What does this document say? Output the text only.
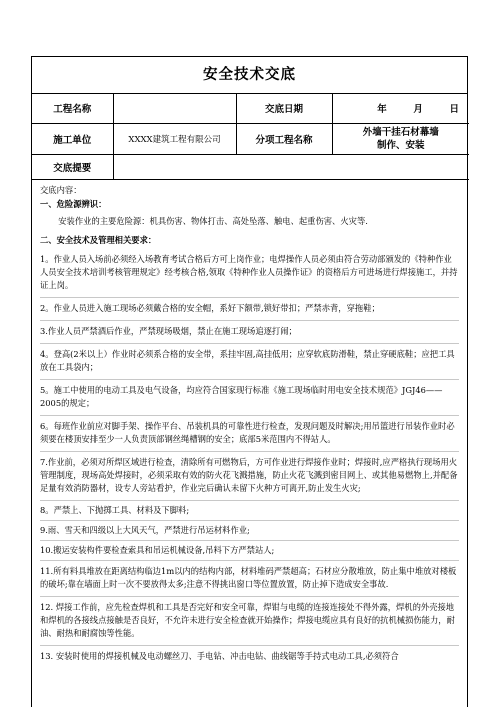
安全技术交底
工程名称		交底日期	年 月 日
施工单位	XXXX建筑工程有限公司	分项工程名称	外墙干挂石材幕墙
制作、安装

交底提要			

交底内容：

一、危险源辨识：

安装作业的主要危险源：机具伤害、物体打击、高处坠落、触电、起重伤害、火灾等.

二、安全技术及管理相关要求：

1。作业人员入场前必须经入场教育考试合格后方可上岗作业；电焊操作人员必须由符合劳动部颁发的《特种作业人员安全技术培训考核管理规定》经考核合格,领取《特种作业人员操作证》的资格后方可进场进行焊接施工，并持证上岗。
2。作业人员进入施工现场必须戴合格的安全帽，系好下额带,锁好带扣；严禁赤背，穿拖鞋；
3.作业人员严禁酒后作业，严禁现场吸烟，禁止在施工现场追逐打闹；
4。登高(2米以上）作业时必须系合格的安全带，系挂牢固,高挂低用；应穿软底防滑鞋，禁止穿硬底鞋；应把工具放在工具袋内；
5。施工中使用的电动工具及电气设备，均应符合国家现行标准《施工现场临时用电安全技术规范》JGJ46——2005的规定；
6。每班作业前应对脚手架、操作平台、吊装机具的可靠性进行检查，发现问题及时解决;用吊篮进行吊装作业时必须要在楼顶安排至少一人负责顶部钢丝绳槽钢的安全；底部5米范围内不得站人。
7.作业前，必须对所焊区域进行检查，清除所有可燃物后，方可作业进行焊接作业时；焊接时,应严格执行现场用火管理制度，现场高处焊接时，必须采取有效的防火花飞溅措施，防止火花飞溅到密目网上、或其他易燃物上,并配备足量有效消防器材，设专人旁站看护，作业完后确认未留下火种方可离开,防止发生火灾;
8。严禁上、下抛掷工具、材料及下脚料;
9.雨、雪天和四级以上大风天气，严禁进行吊运材料作业;
10.搬运安装构件要检查索具和吊运机械设备,吊料下方严禁站人;
11.所有料具堆放在距离结构临边1m以内的结构内部，材料堆码严禁超高；石材应分散堆放，防止集中堆放对楼板的破坏;靠在墙面上时一次不要放得太多;注意不得挑出窗口等位置放置，防止掉下造成安全事故.
12. 焊接工作前，应先检查焊机和工具是否完好和安全可靠，焊钳与电缆的连接连接处不得外露，焊机的外壳接地和焊机的各接线点接触是否良好，不允许未进行安全检查就开始操作；焊接电缆应具有良好的抗机械损伤能力，耐油、耐热和耐腐蚀等性能。
13. 安装时使用的焊接机械及电动螺丝刀、手电钻、冲击电钻、曲线锯等手持式电动工具,必须符合
